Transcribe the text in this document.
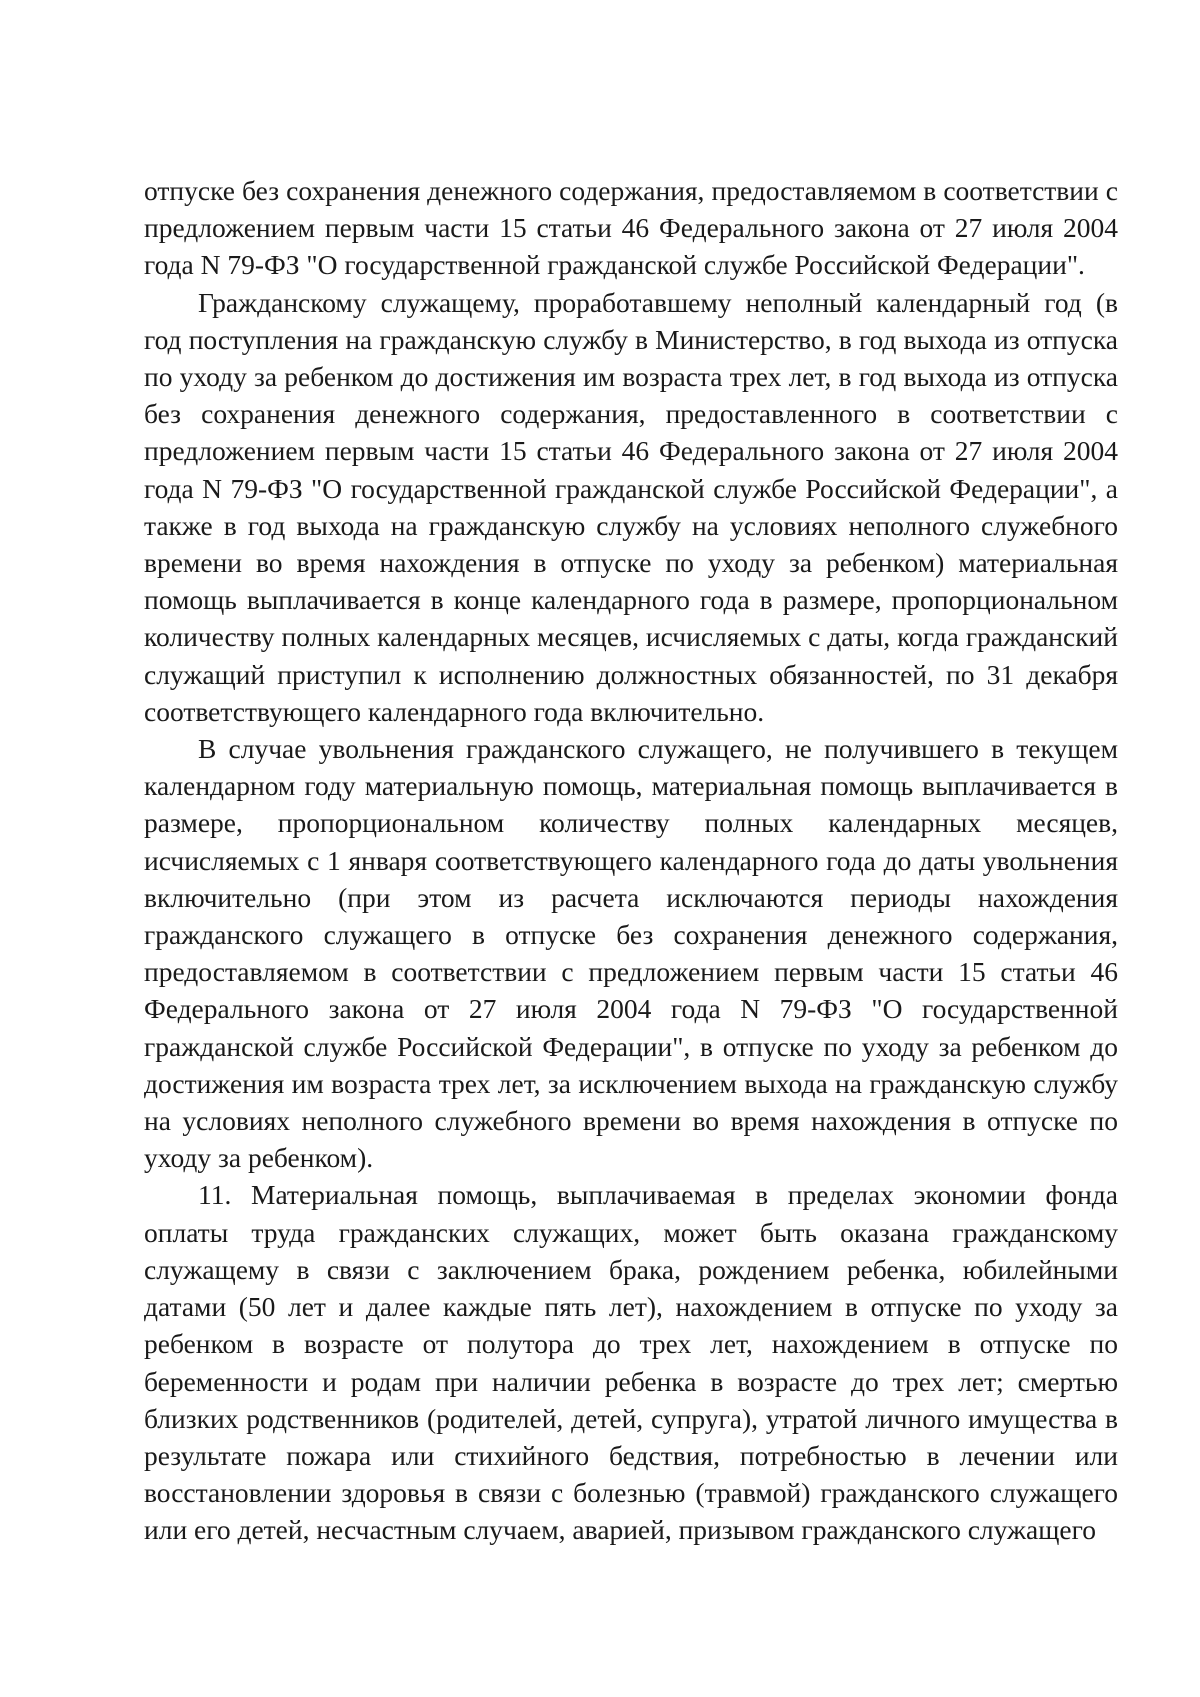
отпуске без сохранения денежного содержания, предоставляемом в соответствии с предложением первым части 15 статьи 46 Федерального закона от 27 июля 2004 года N 79-ФЗ "О государственной гражданской службе Российской Федерации".

Гражданскому служащему, проработавшему неполный календарный год (в год поступления на гражданскую службу в Министерство, в год выхода из отпуска по уходу за ребенком до достижения им возраста трех лет, в год выхода из отпуска без сохранения денежного содержания, предоставленного в соответствии с предложением первым части 15 статьи 46 Федерального закона от 27 июля 2004 года N 79-ФЗ "О государственной гражданской службе Российской Федерации", а также в год выхода на гражданскую службу на условиях неполного служебного времени во время нахождения в отпуске по уходу за ребенком) материальная помощь выплачивается в конце календарного года в размере, пропорциональном количеству полных календарных месяцев, исчисляемых с даты, когда гражданский служащий приступил к исполнению должностных обязанностей, по 31 декабря соответствующего календарного года включительно.

В случае увольнения гражданского служащего, не получившего в текущем календарном году материальную помощь, материальная помощь выплачивается в размере, пропорциональном количеству полных календарных месяцев, исчисляемых с 1 января соответствующего календарного года до даты увольнения включительно (при этом из расчета исключаются периоды нахождения гражданского служащего в отпуске без сохранения денежного содержания, предоставляемом в соответствии с предложением первым части 15 статьи 46 Федерального закона от 27 июля 2004 года N 79-ФЗ "О государственной гражданской службе Российской Федерации", в отпуске по уходу за ребенком до достижения им возраста трех лет, за исключением выхода на гражданскую службу на условиях неполного служебного времени во время нахождения в отпуске по уходу за ребенком).

11. Материальная помощь, выплачиваемая в пределах экономии фонда оплаты труда гражданских служащих, может быть оказана гражданскому служащему в связи с заключением брака, рождением ребенка, юбилейными датами (50 лет и далее каждые пять лет), нахождением в отпуске по уходу за ребенком в возрасте от полутора до трех лет, нахождением в отпуске по беременности и родам при наличии ребенка в возрасте до трех лет; смертью близких родственников (родителей, детей, супруга), утратой личного имущества в результате пожара или стихийного бедствия, потребностью в лечении или восстановлении здоровья в связи с болезнью (травмой) гражданского служащего или его детей, несчастным случаем, аварией, призывом гражданского служащего
